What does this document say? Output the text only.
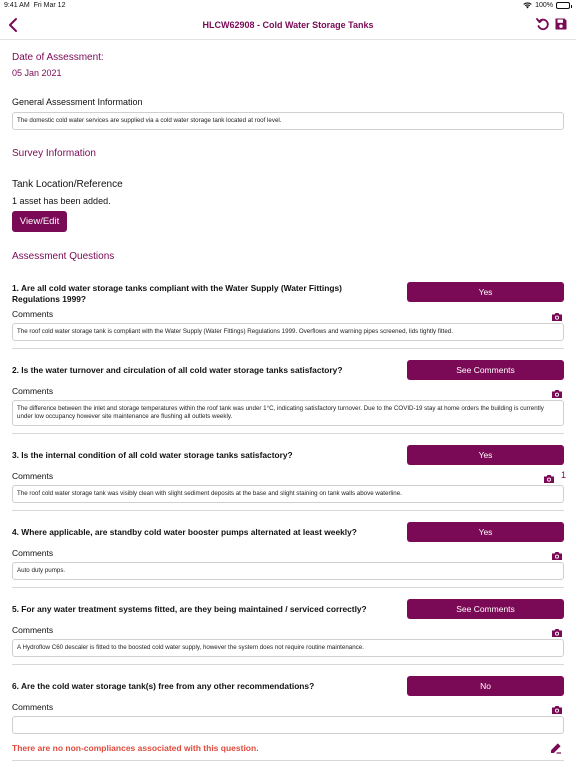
9:41 AM Fri Mar 12	100%
HLCW62908 - Cold Water Storage Tanks
Date of Assessment:
05 Jan 2021
General Assessment Information
The domestic cold water services are supplied via a cold water storage tank located at roof level.
Survey Information
Tank Location/Reference
1 asset has been added.
View/Edit
Assessment Questions
1. Are all cold water storage tanks compliant with the Water Supply (Water Fittings) Regulations 1999?
Yes
Comments
The roof cold water storage tank is compliant with the Water Supply (Water Fittings) Regulations 1999. Overflows and warning pipes screened, lids tightly fitted.
2. Is the water turnover and circulation of all cold water storage tanks satisfactory?	See Comments
Comments
The difference between the inlet and storage temperatures within the roof tank was under 1°C, indicating satisfactory turnover. Due to the COVID-19 stay at home orders the building is currently under low occupancy however site maintenance are flushing all outlets weekly.
3. Is the internal condition of all cold water storage tanks satisfactory?	Yes
Comments	1
The roof cold water storage tank was visibly clean with slight sediment deposits at the base and slight staining on tank walls above waterline.
4. Where applicable, are standby cold water booster pumps alternated at least weekly?	Yes
Comments
Auto duty pumps.
5. For any water treatment systems fitted, are they being maintained / serviced correctly?	See Comments
Comments
A Hydroflow C60 descaler is fitted to the boosted cold water supply, however the system does not require routine maintenance.
6. Are the cold water storage tank(s) free from any other recommendations?	No
Comments
There are no non-compliances associated with this question.
